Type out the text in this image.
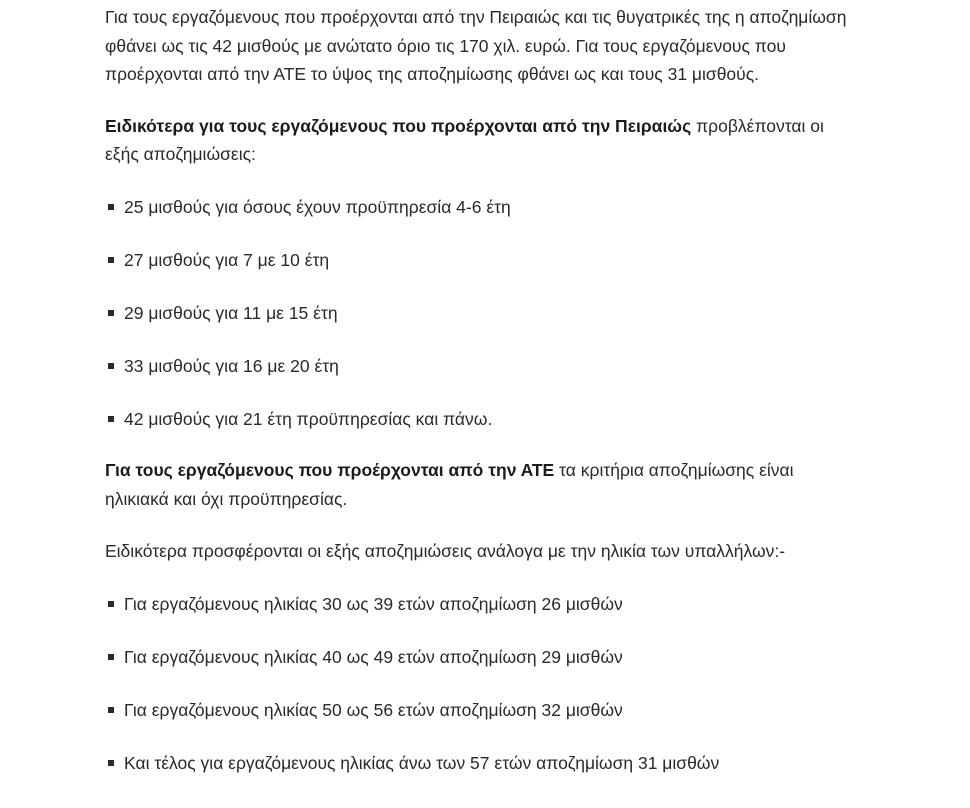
Για τους εργαζόμενους που προέρχονται από την Πειραιώς και τις θυγατρικές της η αποζημίωση φθάνει ως τις 42 μισθούς με ανώτατο όριο τις 170 χιλ. ευρώ. Για τους εργαζόμενους που προέρχονται από την ΑΤΕ το ύψος της αποζημίωσης φθάνει ως και τους 31 μισθούς.

Ειδικότερα για τους εργαζόμενους που προέρχονται από την Πειραιώς προβλέπονται οι εξής αποζημιώσεις:

25 μισθούς για όσους έχουν προϋπηρεσία 4-6 έτη
27 μισθούς για 7 με 10 έτη
29 μισθούς για 11 με 15 έτη
33 μισθούς για 16 με 20 έτη
42 μισθούς για 21 έτη προϋπηρεσίας και πάνω.

Για τους εργαζόμενους που προέρχονται από την ΑΤΕ τα κριτήρια αποζημίωσης είναι ηλικιακά και όχι προϋπηρεσίας.

Ειδικότερα προσφέρονται οι εξής αποζημιώσεις ανάλογα με την ηλικία των υπαλλήλων:-

Για εργαζόμενους ηλικίας 30 ως 39 ετών αποζημίωση 26 μισθών
Για εργαζόμενους ηλικίας 40 ως 49 ετών αποζημίωση 29 μισθών
Για εργαζόμενους ηλικίας 50 ως 56 ετών αποζημίωση 32 μισθών
Και τέλος για εργαζόμενους ηλικίας άνω των 57 ετών αποζημίωση 31 μισθών
